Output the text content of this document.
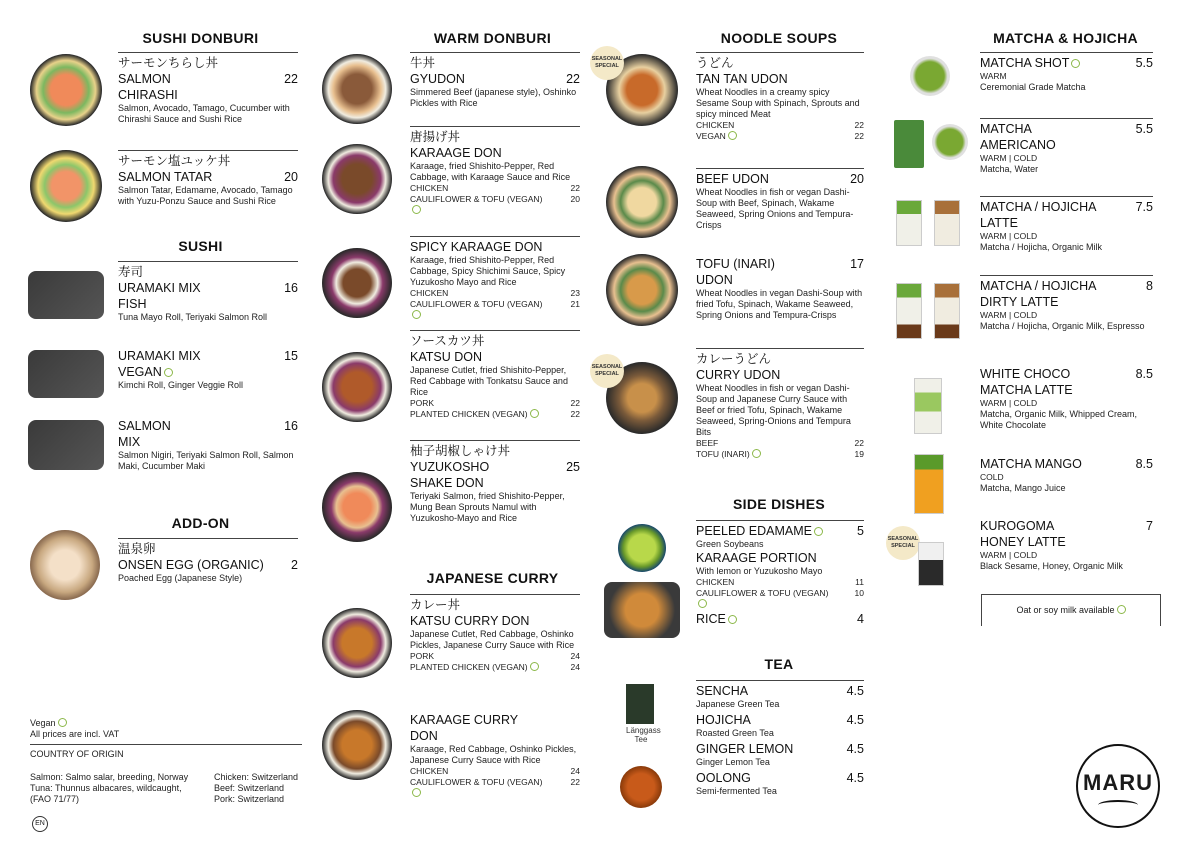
SUSHI DONBURI
サーモンちらし丼
SALMON
CHIRASHI
22
Salmon, Avocado, Tamago, Cucumber with Chirashi Sauce and Sushi Rice
サーモン塩ユッケ丼
SALMON TATAR	20
Salmon Tatar, Edamame, Avocado, Tamago with Yuzu-Ponzu Sauce and Sushi Rice
SUSHI
寿司
URAMAKI MIX
FISH
16
Tuna Mayo Roll, Teriyaki Salmon Roll
URAMAKI MIX
VEGAN
15
Kimchi Roll, Ginger Veggie Roll
SALMON
MIX
16
Salmon Nigiri, Teriyaki Salmon Roll, Salmon Maki, Cucumber Maki
ADD-ON
温泉卵
ONSEN EGG (ORGANIC) 2
Poached Egg (Japanese Style)
Vegan
All prices are incl. VAT
COUNTRY OF ORIGIN
Salmon: Salmo salar, breeding, Norway
Tuna: Thunnus albacares, wildcaught,
(FAO 71/77)
Chicken: Switzerland
Beef: Switzerland
Pork: Switzerland
EN
WARM DONBURI
牛丼
GYUDON	22
Simmered Beef (japanese style), Oshinko Pickles with Rice
唐揚げ丼
KARAAGE DON
Karaage, fried Shishito-Pepper, Red Cabbage, with Karaage Sauce and Rice
CHICKEN	22
CAULIFLOWER & TOFU (VEGAN)	20
SPICY KARAAGE DON
Karaage, fried Shishito-Pepper, Red Cabbage, Spicy Shichimi Sauce, Spicy Yuzukosho Mayo and Rice
CHICKEN	23
CAULIFLOWER & TOFU (VEGAN)	21
ソースカツ丼
KATSU DON
Japanese Cutlet, fried Shishito-Pepper, Red Cabbage with Tonkatsu Sauce and Rice
PORK	22
PLANTED CHICKEN (VEGAN)	22
柚子胡椒しゃけ丼
YUZUKOSHO
SHAKE DON
25
Teriyaki Salmon, fried Shishito-Pepper, Mung Bean Sprouts Namul with Yuzukosho-Mayo and Rice
JAPANESE CURRY
カレー丼
KATSU CURRY DON
Japanese Cutlet, Red Cabbage, Oshinko Pickles, Japanese Curry Sauce with Rice
PORK	24
PLANTED CHICKEN (VEGAN)	24
KARAAGE CURRY DON
Karaage, Red Cabbage, Oshinko Pickles, Japanese Curry Sauce with Rice
CHICKEN	24
CAULIFLOWER & TOFU (VEGAN)	22
NOODLE SOUPS
SEASONAL
SPECIAL	うどん
TAN TAN UDON
Wheat Noodles in a creamy spicy Sesame Soup with Spinach, Sprouts and spicy minced Meat
CHICKEN	22
VEGAN	22
BEEF UDON	20
Wheat Noodles in fish or vegan Dashi-Soup with Beef, Spinach, Wakame Seaweed, Spring Onions and Tempura-Crisps
TOFU (INARI)
UDON
17
Wheat Noodles in vegan Dashi-Soup with fried Tofu, Spinach, Wakame Seaweed, Spring Onions and Tempura-Crisps
SEASONAL
SPECIAL
カレーうどん
CURRY UDON
Wheat Noodles in fish or vegan Dashi-Soup and Japanese Curry Sauce with Beef or fried Tofu, Spinach, Wakame Seaweed, Spring-Onions and Tempura Bits
BEEF	22
TOFU (INARI)	19
SIDE DISHES
PEELED EDAMAME	5
Green Soybeans
KARAAGE PORTION
With lemon or Yuzukosho Mayo
CHICKEN	11
CAULIFLOWER & TOFU (VEGAN)	10
RICE	4
TEA
Länggass Tee
SENCHA	4.5
Japanese Green Tea
HOJICHA	4.5
Roasted Green Tea
GINGER LEMON	4.5
Ginger Lemon Tea
OOLONG	4.5
Semi-fermented Tea
MATCHA & HOJICHA
MATCHA SHOT	5.5
WARM
Ceremonial Grade Matcha
MATCHA
AMERICANO
5.5
WARM | COLD
Matcha, Water
MATCHA / HOJICHA
LATTE
7.5
WARM | COLD
Matcha / Hojicha, Organic Milk
MATCHA / HOJICHA
DIRTY LATTE
8
WARM | COLD
Matcha / Hojicha, Organic Milk, Espresso
WHITE CHOCO
MATCHA LATTE
8.5
WARM | COLD
Matcha, Organic Milk, Whipped Cream, White Chocolate
MATCHA MANGO	8.5
COLD
Matcha, Mango Juice
SEASONAL
SPECIAL
KUROGOMA
HONEY LATTE
7
WARM | COLD
Black Sesame, Honey, Organic Milk
Oat or soy milk available
MARU
